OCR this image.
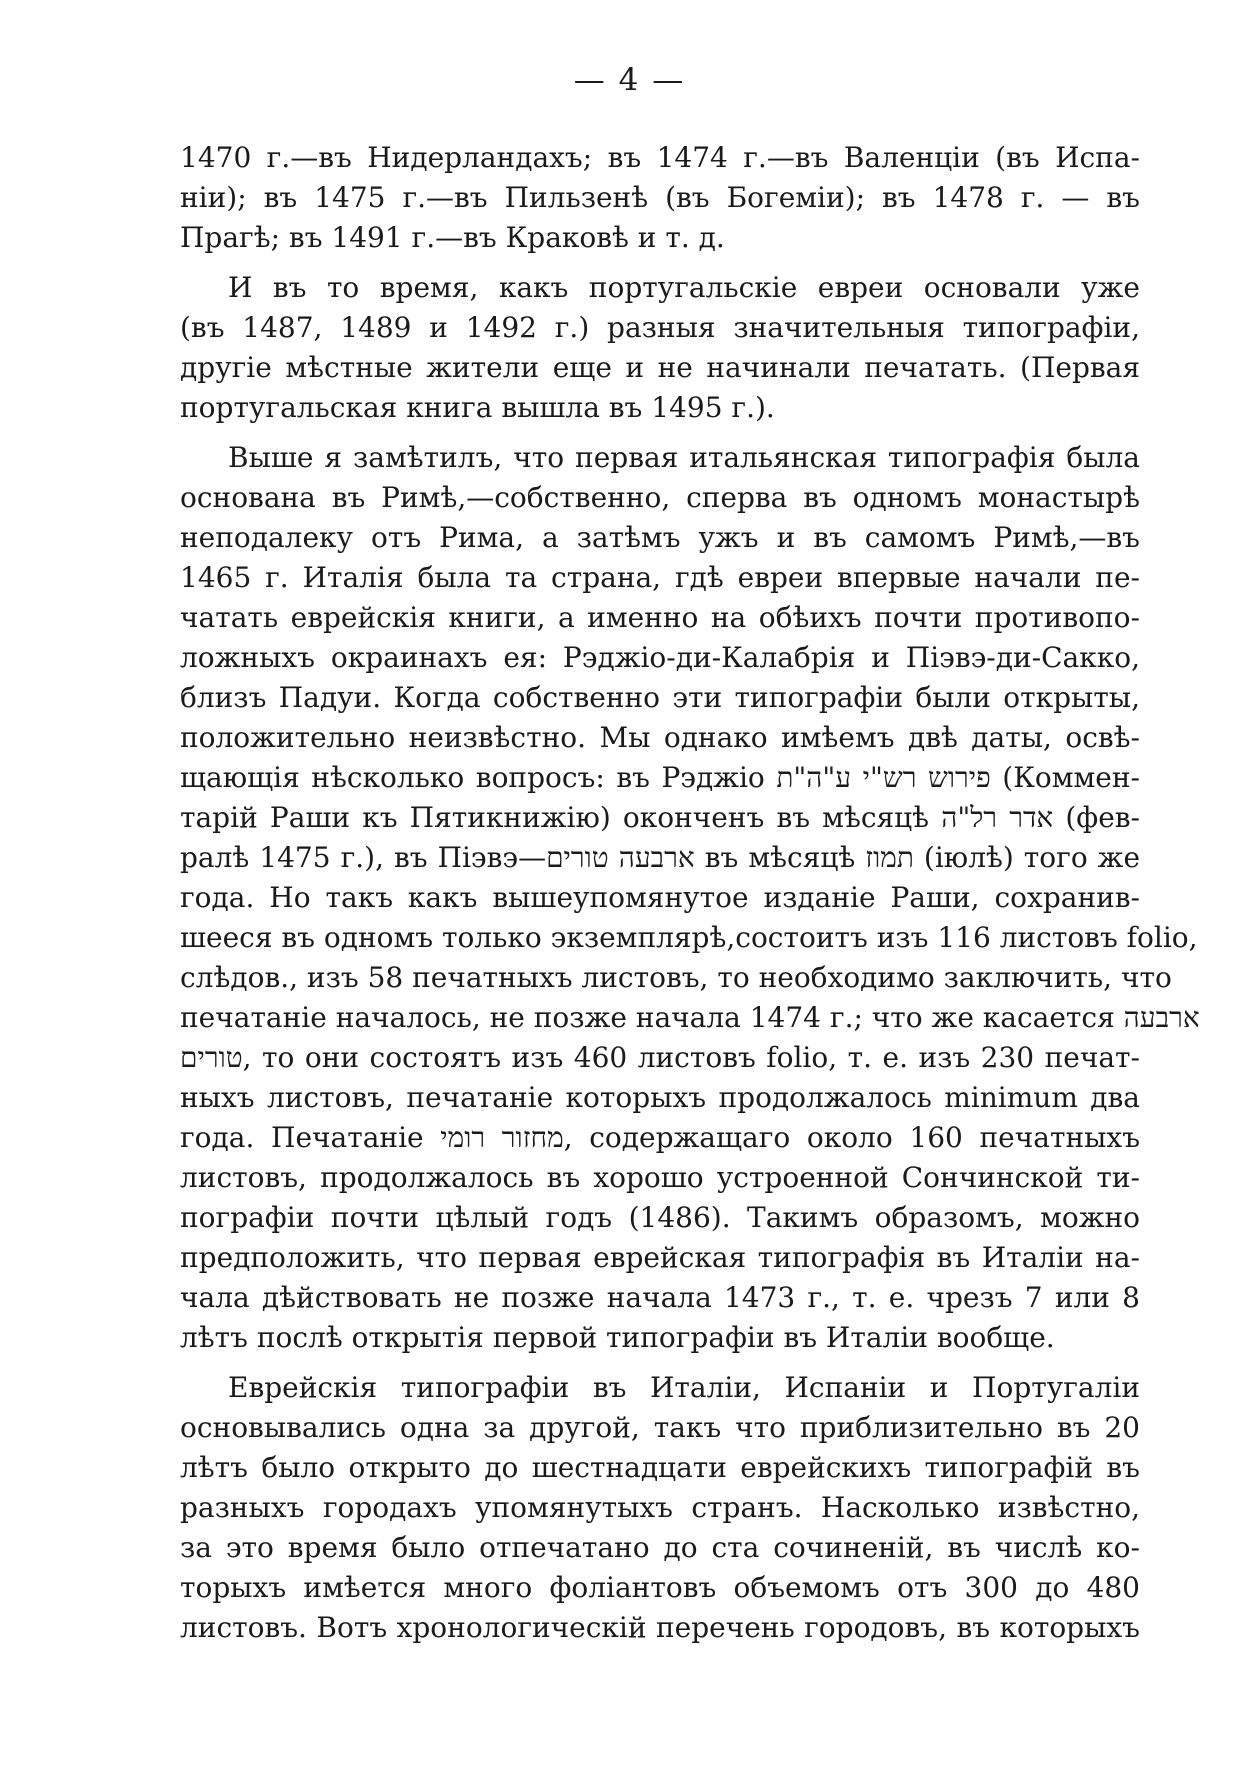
— 4 —
1470 г.—въ Нидерландахъ; въ 1474 г.—въ Валенціи (въ Испа-
ніи); въ 1475 г.—въ Пильзенѣ (въ Богеміи); въ 1478 г. — въ
Прагѣ; въ 1491 г.—въ Краковѣ и т. д.
И въ то время, какъ португальскіе евреи основали уже
(въ 1487, 1489 и 1492 г.) разныя значительныя типографіи,
другіе мѣстные жители еще и не начинали печатать. (Первая
португальская книга вышла въ 1495 г.).
Выше я замѣтилъ, что первая итальянская типографія была
основана въ Римѣ,—собственно, сперва въ одномъ монастырѣ
неподалеку отъ Рима, а затѣмъ ужъ и въ самомъ Римѣ,—въ
1465 г. Италія была та страна, гдѣ евреи впервые начали пе-
чатать еврейскія книги, а именно на обѣихъ почти противопо-
ложныхъ окраинахъ ея: Рэджіо-ди-Калабрія и Піэвэ-ди-Сакко,
близъ Падуи. Когда собственно эти типографіи были открыты,
положительно неизвѣстно. Мы однако имѣемъ двѣ даты, освѣ-
щающія нѣсколько вопросъ: въ Рэджіо פירוש רש"י ע"ה"ת (Коммен-
тарій Раши къ Пятикнижію) оконченъ въ мѣсяцѣ אדר רל"ה (фев-
ралѣ 1475 г.), въ Піэвэ—ארבעה טורים въ мѣсяцѣ תמוז (іюлѣ) того же
года. Но такъ какъ вышеупомянутое изданіе Раши, сохранив-
шееся въ одномъ только экземплярѣ,состоитъ изъ 116 листовъ folio,
слѣдов., изъ 58 печатныхъ листовъ, то необходимо заключить, что
печатаніе началось, не позже начала 1474 г.; что же касается ארבעה
טורים, то они состоятъ изъ 460 листовъ folio, т. е. изъ 230 печат-
ныхъ листовъ, печатаніе которыхъ продолжалось minimum два
года. Печатаніе מחזור רומי, содержащаго около 160 печатныхъ
листовъ, продолжалось въ хорошо устроенной Сончинской ти-
пографіи почти цѣлый годъ (1486). Такимъ образомъ, можно
предположить, что первая еврейская типографія въ Италіи на-
чала дѣйствовать не позже начала 1473 г., т. е. чрезъ 7 или 8
лѣтъ послѣ открытія первой типографіи въ Италіи вообще.
Еврейскія типографіи въ Италіи, Испаніи и Португаліи
основывались одна за другой, такъ что приблизительно въ 20
лѣтъ было открыто до шестнадцати еврейскихъ типографій въ
разныхъ городахъ упомянутыхъ странъ. Насколько извѣстно,
за это время было отпечатано до ста сочиненій, въ числѣ ко-
торыхъ имѣется много фоліантовъ объемомъ отъ 300 до 480
листовъ. Вотъ хронологическій перечень городовъ, въ которыхъ
